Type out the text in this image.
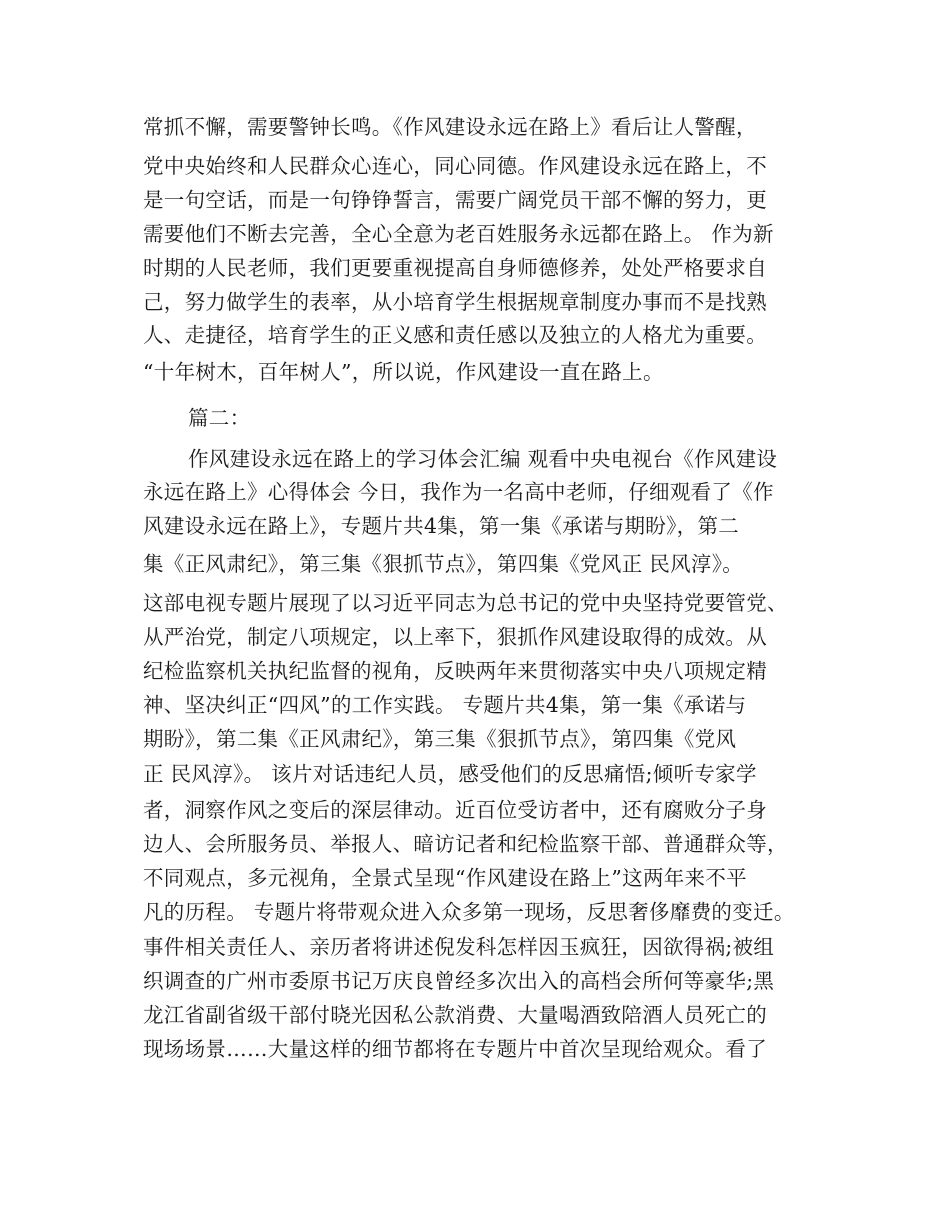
常抓不懈，需要警钟长鸣。《作风建设永远在路上》看后让人警醒，
党中央始终和人民群众心连心，同心同德。作风建设永远在路上，不
是一句空话，而是一句铮铮誓言，需要广阔党员干部不懈的努力，更
需要他们不断去完善，全心全意为老百姓服务永远都在路上。 作为新
时期的人民老师，我们更要重视提高自身师德修养，处处严格要求自
己，努力做学生的表率，从小培育学生根据规章制度办事而不是找熟
人、走捷径，培育学生的正义感和责任感以及独立的人格尤为重要。
“十年树木，百年树人”，所以说，作风建设一直在路上。
篇二：
作风建设永远在路上的学习体会汇编 观看中央电视台《作风建设
永远在路上》心得体会 今日，我作为一名高中老师，仔细观看了《作
风建设永远在路上》，专题片共4集，第一集《承诺与期盼》，第二
集《正风肃纪》，第三集《狠抓节点》，第四集《党风正 民风淳》。
这部电视专题片展现了以习近平同志为总书记的党中央坚持党要管党、
从严治党，制定八项规定，以上率下，狠抓作风建设取得的成效。从
纪检监察机关执纪监督的视角，反映两年来贯彻落实中央八项规定精
神、坚决纠正“四风”的工作实践。 专题片共4集，第一集《承诺与
期盼》，第二集《正风肃纪》，第三集《狠抓节点》，第四集《党风
正 民风淳》。 该片对话违纪人员，感受他们的反思痛悟;倾听专家学
者，洞察作风之变后的深层律动。近百位受访者中，还有腐败分子身
边人、会所服务员、举报人、暗访记者和纪检监察干部、普通群众等，
不同观点，多元视角，全景式呈现“作风建设在路上”这两年来不平
凡的历程。 专题片将带观众进入众多第一现场，反思奢侈靡费的变迁。
事件相关责任人、亲历者将讲述倪发科怎样因玉疯狂，因欲得祸;被组
织调查的广州市委原书记万庆良曾经多次出入的高档会所何等豪华;黑
龙江省副省级干部付晓光因私公款消费、大量喝酒致陪酒人员死亡的
现场场景……大量这样的细节都将在专题片中首次呈现给观众。看了
